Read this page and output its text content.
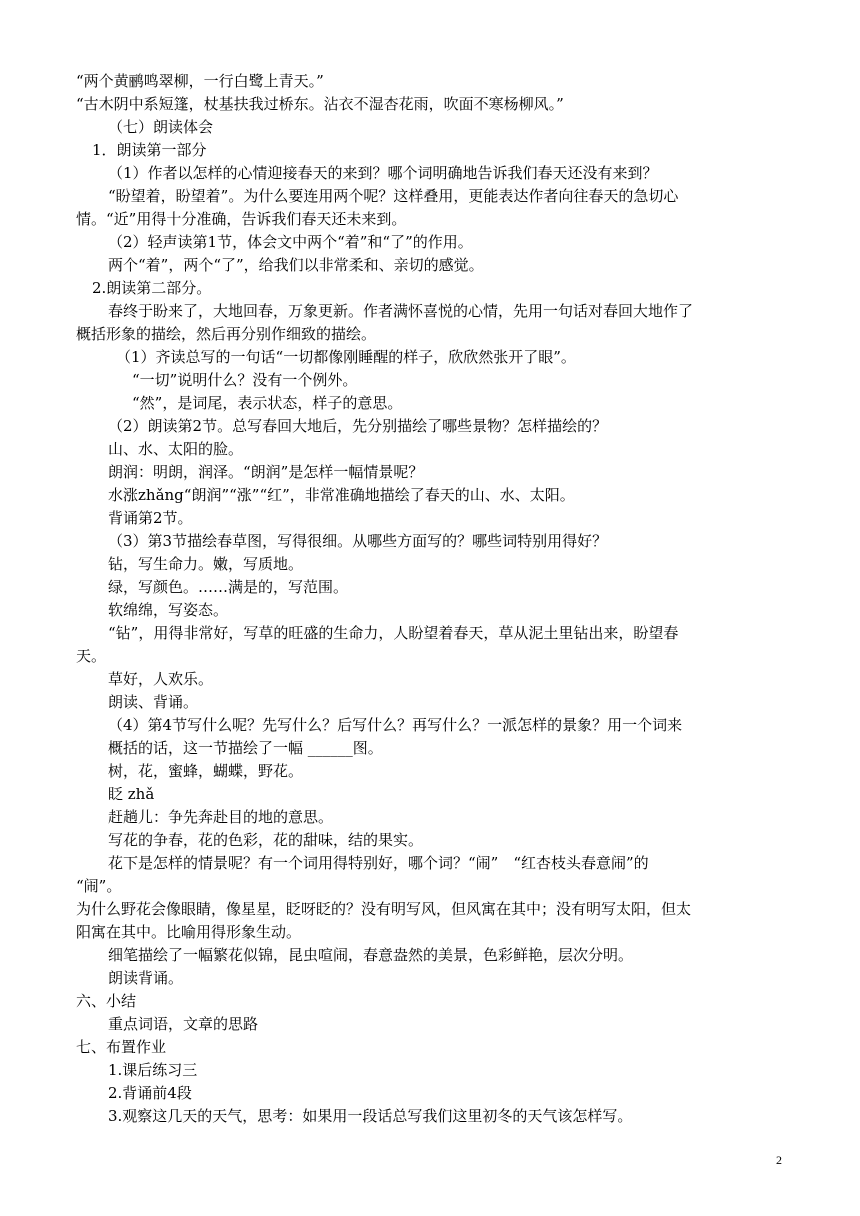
“两个黄鹂鸣翠柳，一行白鹭上青天。”
“古木阴中系短篷，杖基扶我过桥东。沾衣不湿杏花雨，吹面不寒杨柳风。”
（七）朗读体会
1．朗读第一部分
（1）作者以怎样的心情迎接春天的来到？哪个词明确地告诉我们春天还没有来到？
“盼望着，盼望着”。为什么要连用两个呢？这样叠用，更能表达作者向往春天的急切心
情。“近”用得十分准确，告诉我们春天还未来到。
（2）轻声读第1节，体会文中两个“着”和“了”的作用。
两个“着”，两个“了”，给我们以非常柔和、亲切的感觉。
2.朗读第二部分。
春终于盼来了，大地回春，万象更新。作者满怀喜悦的心情，先用一句话对春回大地作了
概括形象的描绘，然后再分别作细致的描绘。
（1）齐读总写的一句话“一切都像刚睡醒的样子，欣欣然张开了眼”。
“一切”说明什么？没有一个例外。
“然”，是词尾，表示状态，样子的意思。
（2）朗读第2节。总写春回大地后，先分别描绘了哪些景物？怎样描绘的？
山、水、太阳的脸。
朗润：明朗，润泽。“朗润”是怎样一幅情景呢？
水涨zhǎng“朗润”“涨”“红”，非常准确地描绘了春天的山、水、太阳。
背诵第2节。
（3）第3节描绘春草图，写得很细。从哪些方面写的？哪些词特别用得好？
钻，写生命力。嫩，写质地。
绿，写颜色。……满是的，写范围。
软绵绵，写姿态。
“钻”，用得非常好，写草的旺盛的生命力，人盼望着春天，草从泥土里钻出来，盼望春
天。
草好，人欢乐。
朗读、背诵。
（4）第4节写什么呢？先写什么？后写什么？再写什么？一派怎样的景象？用一个词来
概括的话，这一节描绘了一幅 ______图。
树，花，蜜蜂，蝴蝶，野花。
眨 zhǎ
赶趟儿：争先奔赴目的地的意思。
写花的争春，花的色彩，花的甜味，结的果实。
花下是怎样的情景呢？有一个词用得特别好，哪个词？“闹”　“红杏枝头春意闹”的
“闹”。
为什么野花会像眼睛，像星星，眨呀眨的？没有明写风，但风寓在其中；没有明写太阳，但太
阳寓在其中。比喻用得形象生动。
细笔描绘了一幅繁花似锦，昆虫喧闹，春意盎然的美景，色彩鲜艳，层次分明。
朗读背诵。
六、小结
重点词语，文章的思路
七、布置作业
1.课后练习三
2.背诵前4段
3.观察这几天的天气，思考：如果用一段话总写我们这里初冬的天气该怎样写。
2
